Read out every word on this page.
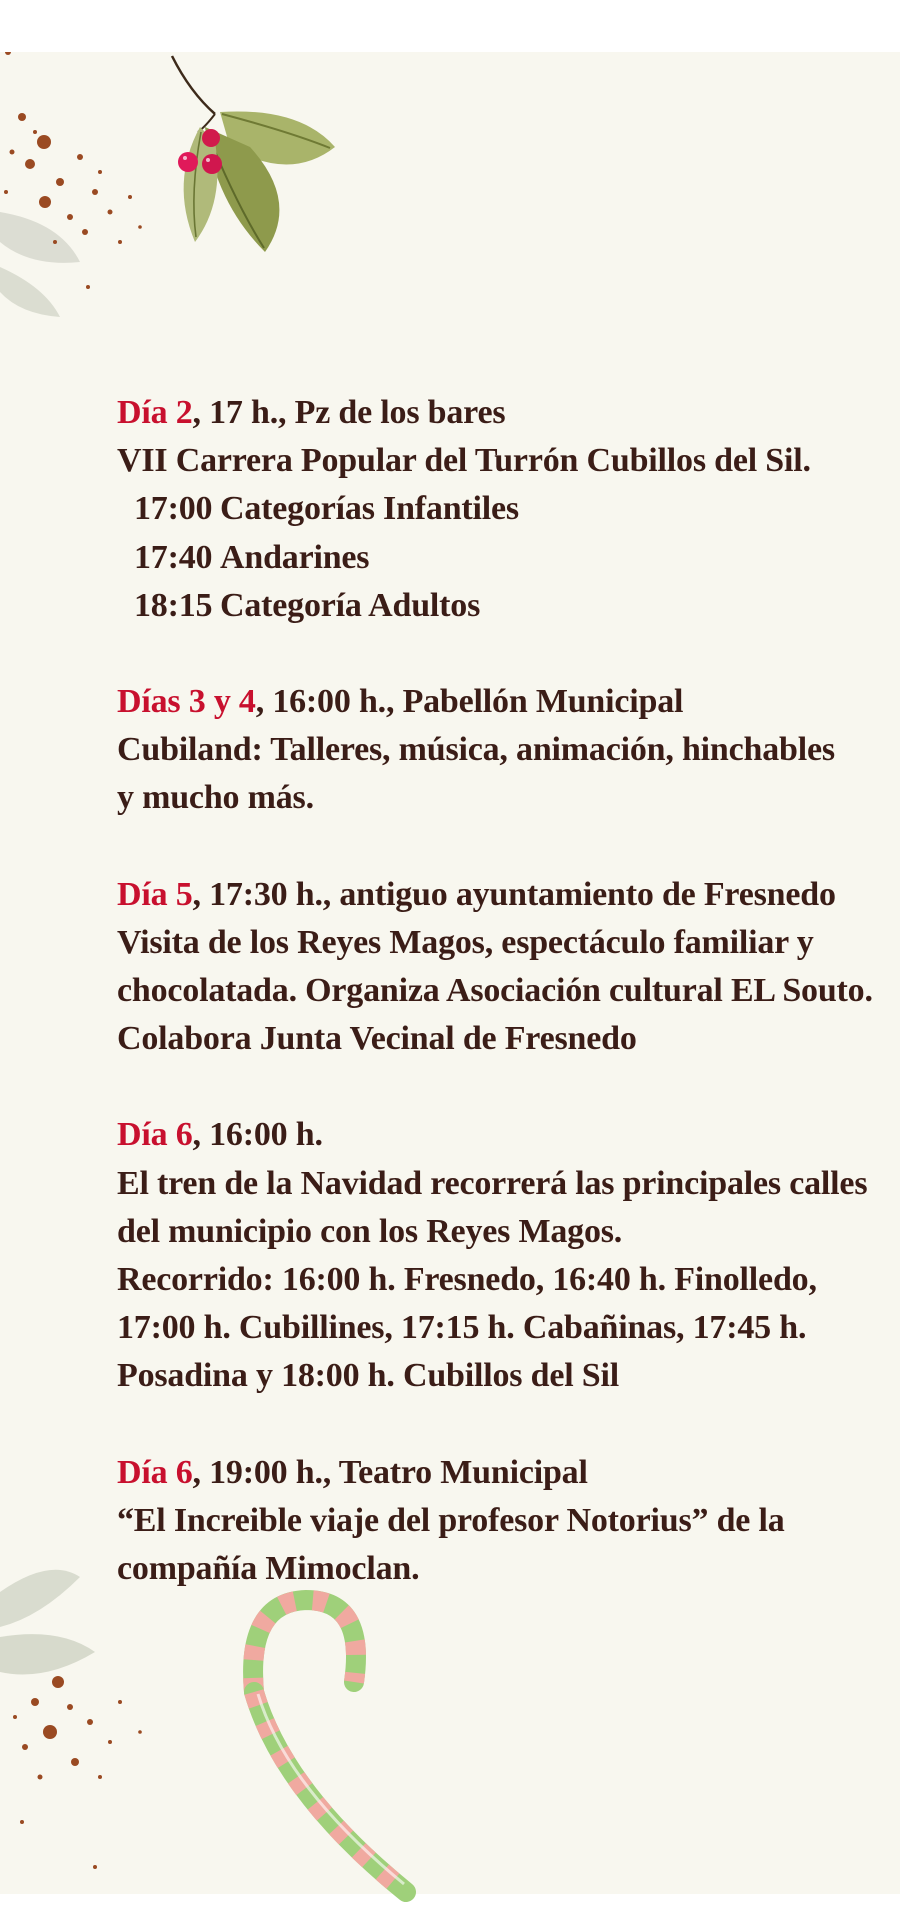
Día 2, 17 h., Pz de los bares
VII Carrera Popular del Turrón Cubillos del Sil.
17:00 Categorías Infantiles
17:40 Andarines
18:15 Categoría Adultos
Días 3 y 4, 16:00 h., Pabellón Municipal
Cubiland: Talleres, música, animación, hinchables
y mucho más.
Día 5, 17:30 h., antiguo ayuntamiento de Fresnedo
Visita de los Reyes Magos, espectáculo familiar y
chocolatada. Organiza Asociación cultural EL Souto.
Colabora Junta Vecinal de Fresnedo
Día 6, 16:00 h.
El tren de la Navidad recorrerá las principales calles
del municipio con los Reyes Magos.
Recorrido: 16:00 h. Fresnedo, 16:40 h. Finolledo,
17:00 h. Cubillines, 17:15 h. Cabañinas, 17:45 h.
Posadina y 18:00 h. Cubillos del Sil
Día 6, 19:00 h., Teatro Municipal
“El Increible viaje del profesor Notorius” de la
compañía Mimoclan.
